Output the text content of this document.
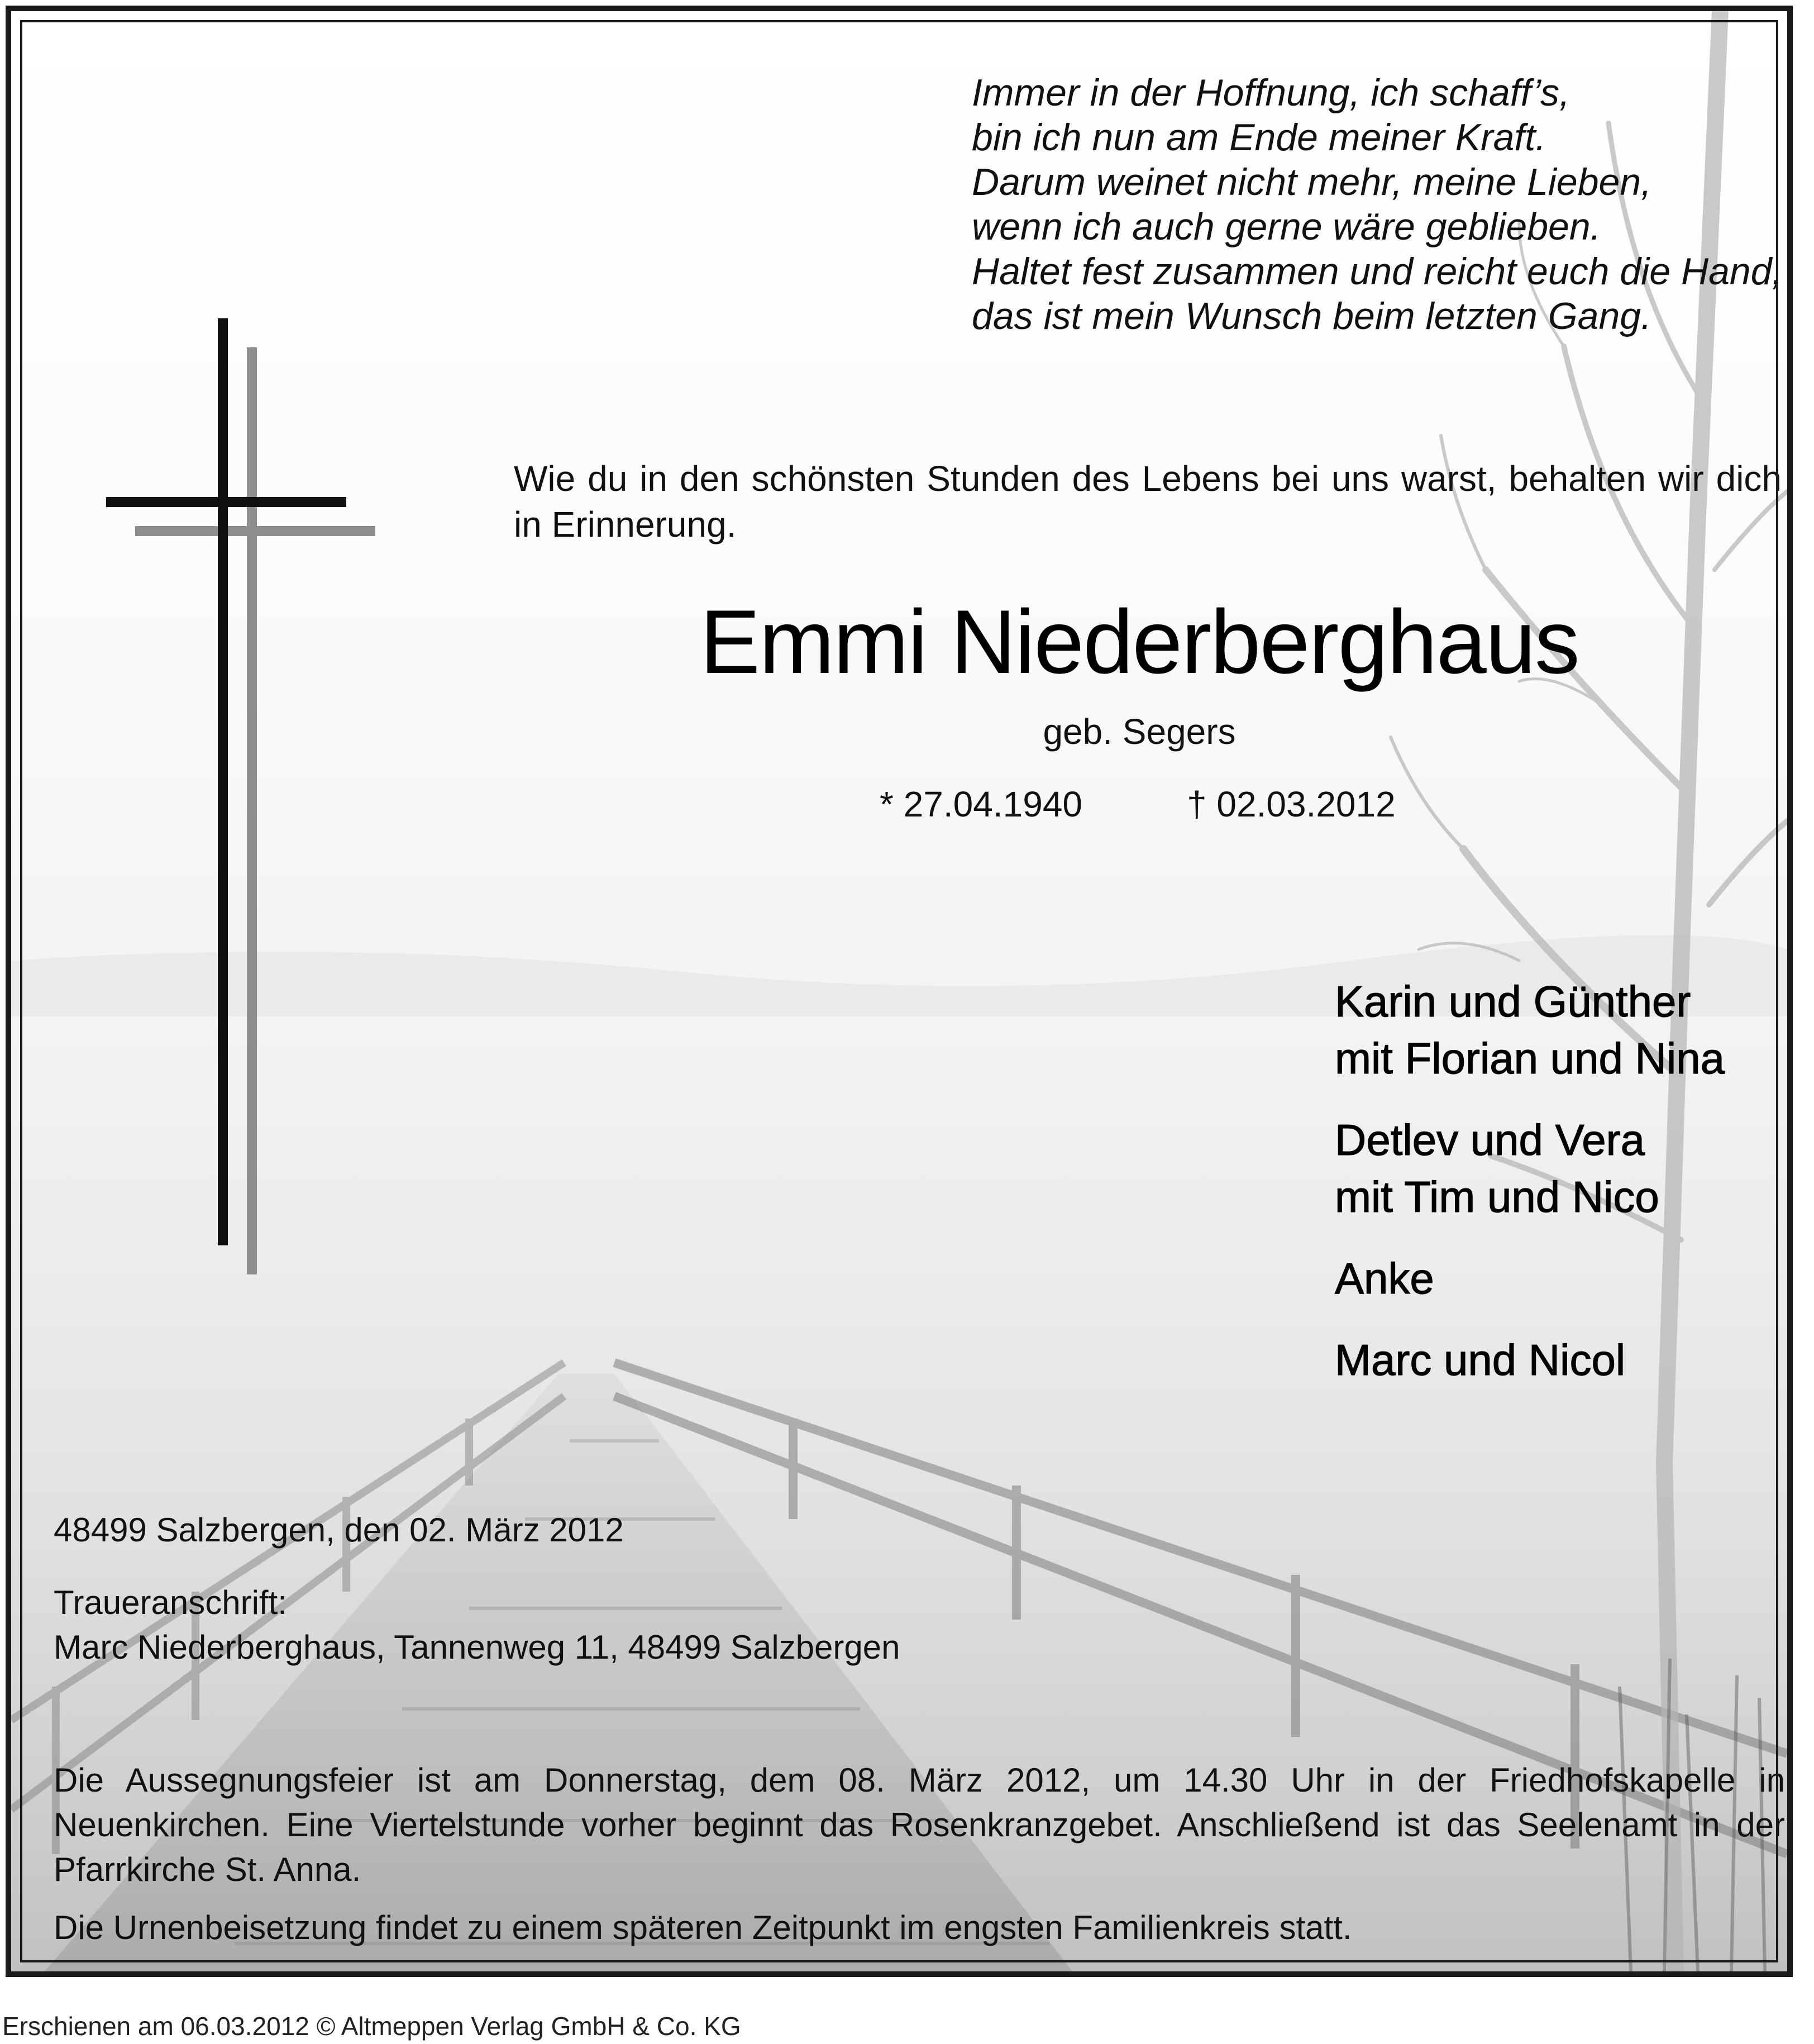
Immer in der Hoffnung, ich schaff’s,
bin ich nun am Ende meiner Kraft.
Darum weinet nicht mehr, meine Lieben,
wenn ich auch gerne wäre geblieben.
Haltet fest zusammen und reicht euch die Hand,
das ist mein Wunsch beim letzten Gang.
Wie du in den schönsten Stunden des Lebens bei uns warst, behalten wir dich in Erinnerung.
Emmi Niederberghaus
geb. Segers
* 27.04.1940	† 02.03.2012
Karin und Günther
mit Florian und Nina
Detlev und Vera
mit Tim und Nico
Anke
Marc und Nicol
48499 Salzbergen, den 02. März 2012
Traueranschrift:
Marc Niederberghaus, Tannenweg 11, 48499 Salzbergen
Die Aussegnungsfeier ist am Donnerstag, dem 08. März 2012, um 14.30 Uhr in der Friedhofskapelle in Neuenkirchen. Eine Viertelstunde vorher beginnt das Rosenkranzgebet. Anschließend ist das Seelenamt in der Pfarrkirche St. Anna.
Die Urnenbeisetzung findet zu einem späteren Zeitpunkt im engsten Familienkreis statt.
Erschienen am 06.03.2012 © Altmeppen Verlag GmbH & Co. KG
